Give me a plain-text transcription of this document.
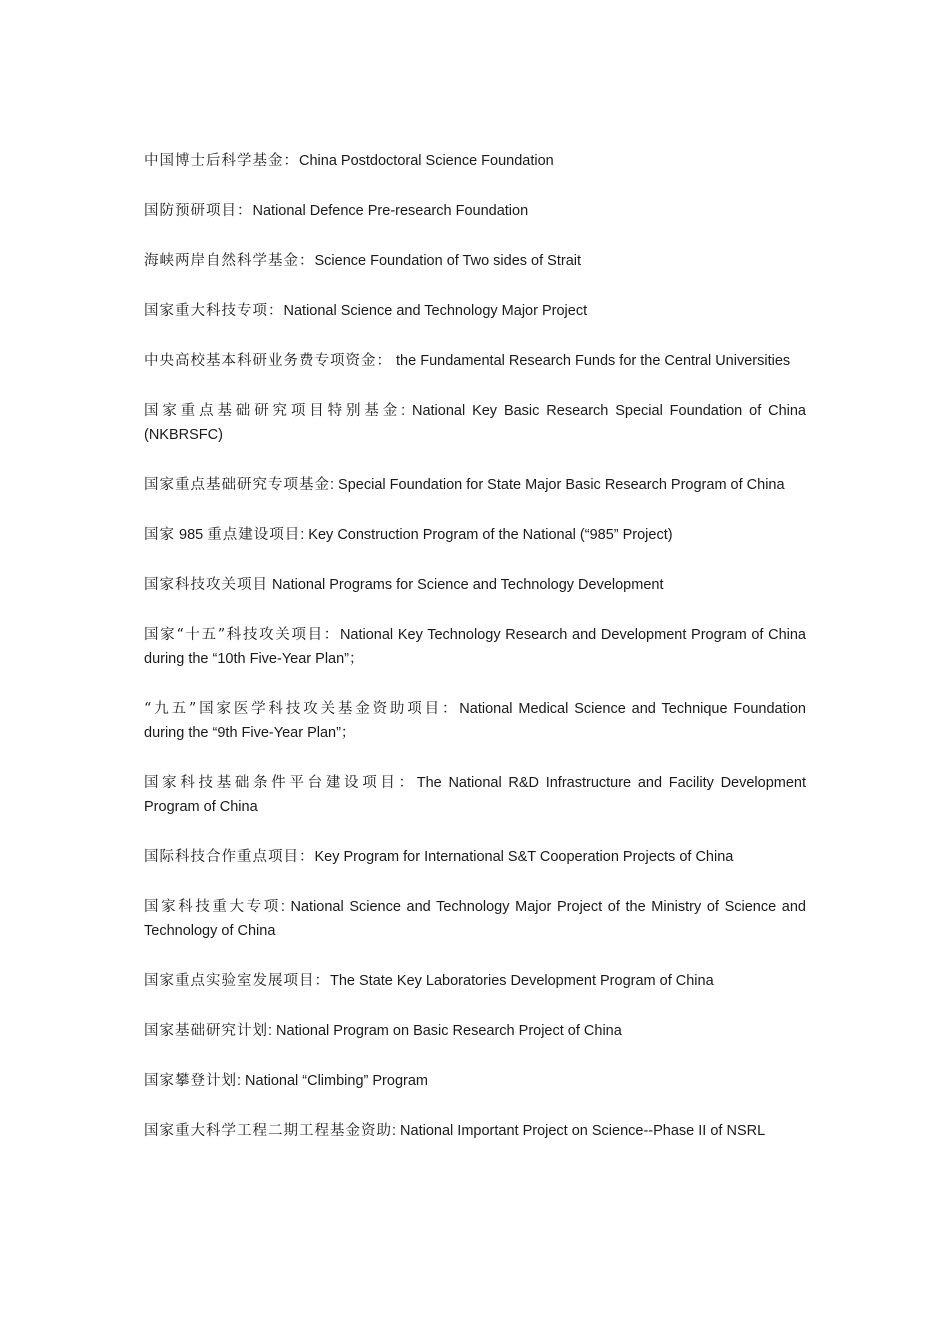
中国博士后科学基金：China Postdoctoral Science Foundation
国防预研项目：National Defence Pre-research Foundation
海峡两岸自然科学基金：Science Foundation of Two sides of Strait
国家重大科技专项：National Science and Technology Major Project
中央高校基本科研业务费专项资金： the Fundamental Research Funds for the Central Universities
国家重点基础研究项目特别基金: National Key Basic Research Special Foundation of China (NKBRSFC)
国家重点基础研究专项基金: Special Foundation for State Major Basic Research Program of China
国家 985 重点建设项目: Key Construction Program of the National (“985” Project)
国家科技攻关项目 National Programs for Science and Technology Development
国家“十五”科技攻关项目：National Key Technology Research and Development Program of China during the “10th Five-Year Plan”；
“九五”国家医学科技攻关基金资助项目：National Medical Science and Technique Foundation during the “9th Five-Year Plan”；
国家科技基础条件平台建设项目：The National R&D Infrastructure and Facility Development Program of China
国际科技合作重点项目：Key Program for International S&T Cooperation Projects of China
国家科技重大专项: National Science and Technology Major Project of the Ministry of Science and Technology of China
国家重点实验室发展项目：The State Key Laboratories Development Program of China
国家基础研究计划: National Program on Basic Research Project of China
国家攀登计划: National “Climbing” Program
国家重大科学工程二期工程基金资助: National Important Project on Science--Phase II of NSRL
